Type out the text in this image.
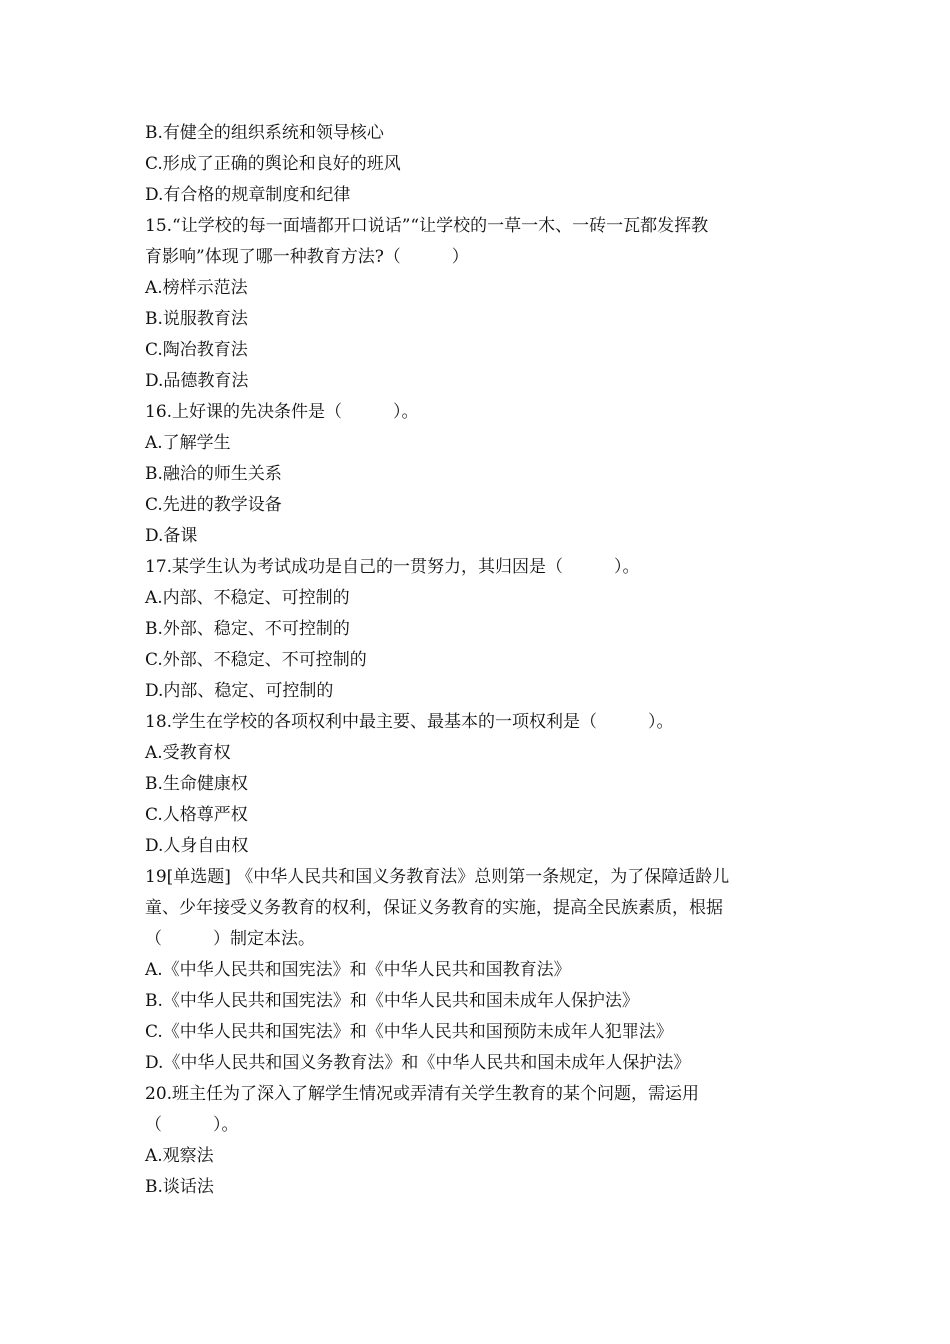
B.有健全的组织系统和领导核心
C.形成了正确的舆论和良好的班风
D.有合格的规章制度和纪律
15.“让学校的每一面墙都开口说话”“让学校的一草一木、一砖一瓦都发挥教
育影响”体现了哪一种教育方法?（　　　）
A.榜样示范法
B.说服教育法
C.陶冶教育法
D.品德教育法
16.上好课的先决条件是（　　　）。
A.了解学生
B.融洽的师生关系
C.先进的教学设备
D.备课
17.某学生认为考试成功是自己的一贯努力，其归因是（　　　）。
A.内部、不稳定、可控制的
B.外部、稳定、不可控制的
C.外部、不稳定、不可控制的
D.内部、稳定、可控制的
18.学生在学校的各项权利中最主要、最基本的一项权利是（　　　）。
A.受教育权
B.生命健康权
C.人格尊严权
D.人身自由权
19[单选题] 《中华人民共和国义务教育法》总则第一条规定，为了保障适龄儿
童、少年接受义务教育的权利，保证义务教育的实施，提高全民族素质，根据
（　　　）制定本法。
A.《中华人民共和国宪法》和《中华人民共和国教育法》
B.《中华人民共和国宪法》和《中华人民共和国未成年人保护法》
C.《中华人民共和国宪法》和《中华人民共和国预防未成年人犯罪法》
D.《中华人民共和国义务教育法》和《中华人民共和国未成年人保护法》
20.班主任为了深入了解学生情况或弄清有关学生教育的某个问题，需运用
（　　　）。
A.观察法
B.谈话法
